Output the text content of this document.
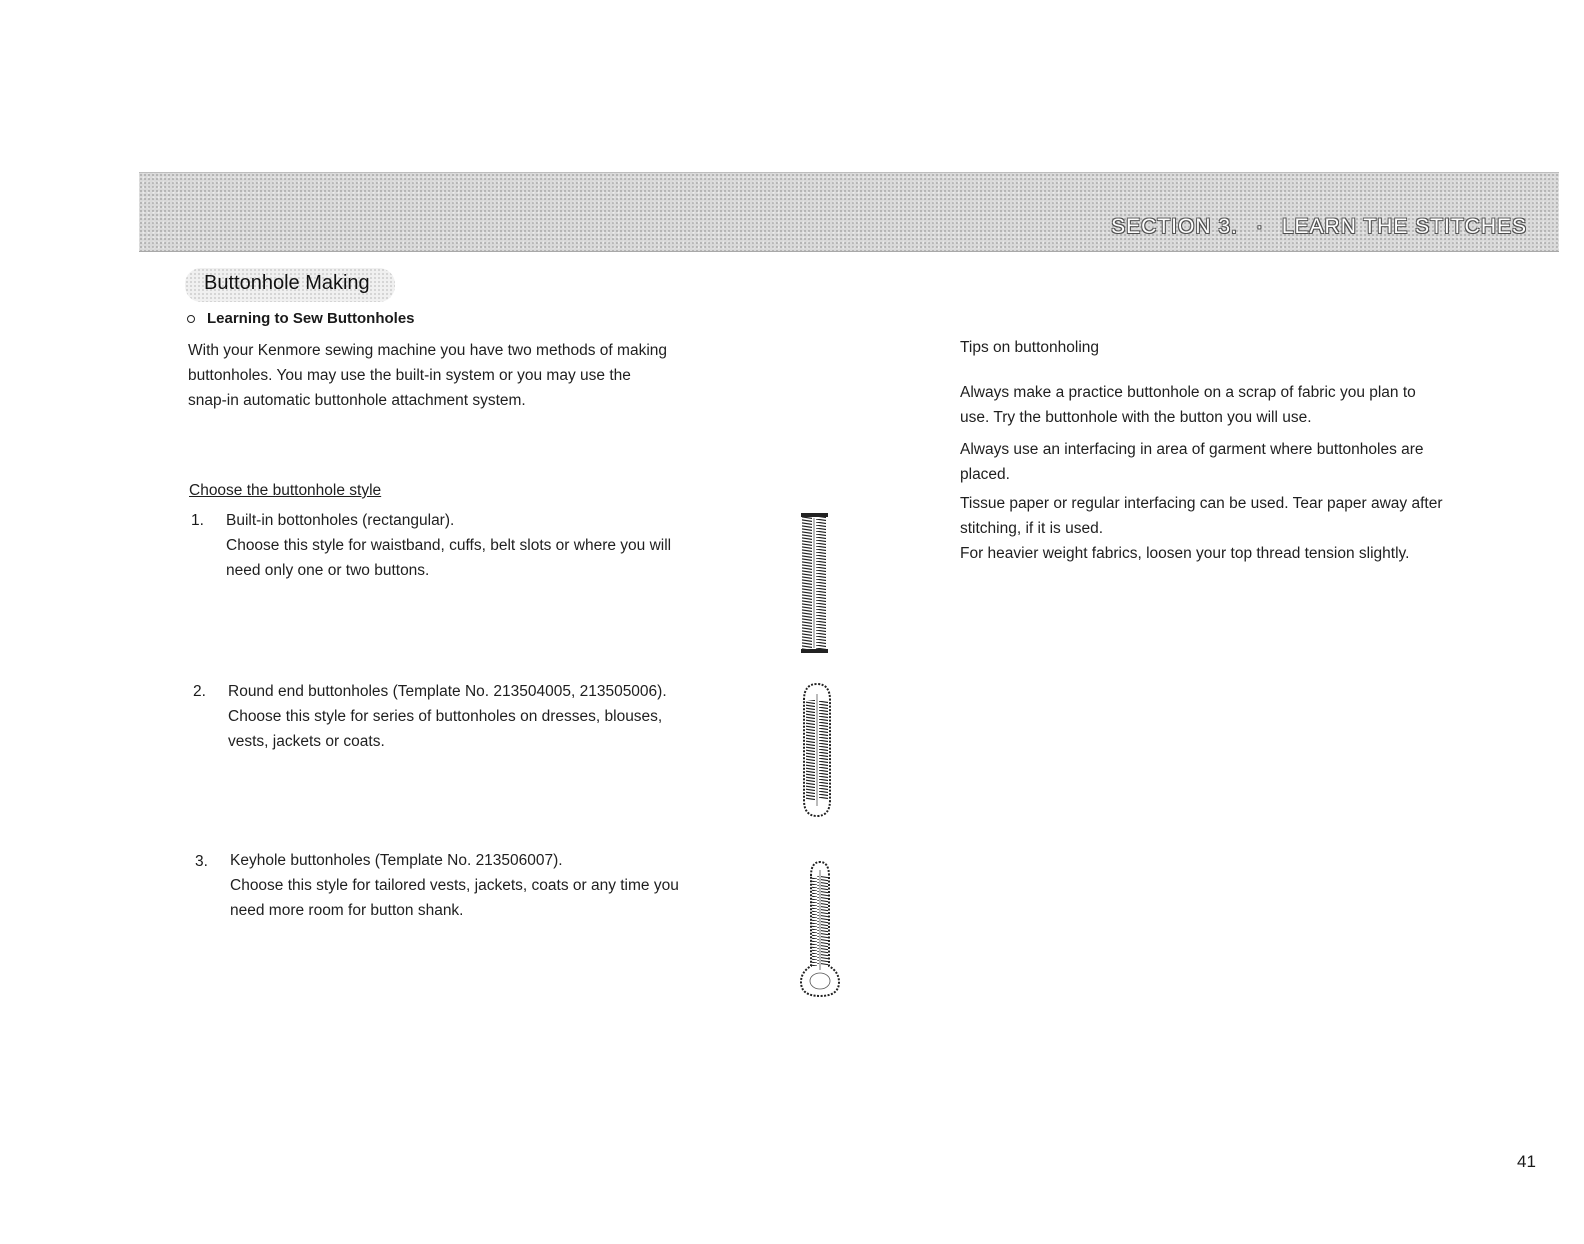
SECTION 3. · LEARN THE STITCHES
Buttonhole Making
Learning to Sew Buttonholes
With your Kenmore sewing machine you have two methods of making
buttonholes. You may use the built-in system or you may use the
snap-in automatic buttonhole attachment system.
Choose the buttonhole style
1. Built-in bottonholes (rectangular).
Choose this style for waistband, cuffs, belt slots or where you will
need only one or two buttons.
2. Round end buttonholes (Template No. 213504005, 213505006).
Choose this style for series of buttonholes on dresses, blouses,
vests, jackets or coats.
3. Keyhole buttonholes (Template No. 213506007).
Choose this style for tailored vests, jackets, coats or any time you
need more room for button shank.
Tips on buttonholing
Always make a practice buttonhole on a scrap of fabric you plan to
use. Try the buttonhole with the button you will use.
Always use an interfacing in area of garment where buttonholes are
placed.
Tissue paper or regular interfacing can be used. Tear paper away after
stitching, if it is used.
For heavier weight fabrics, loosen your top thread tension slightly.
41
